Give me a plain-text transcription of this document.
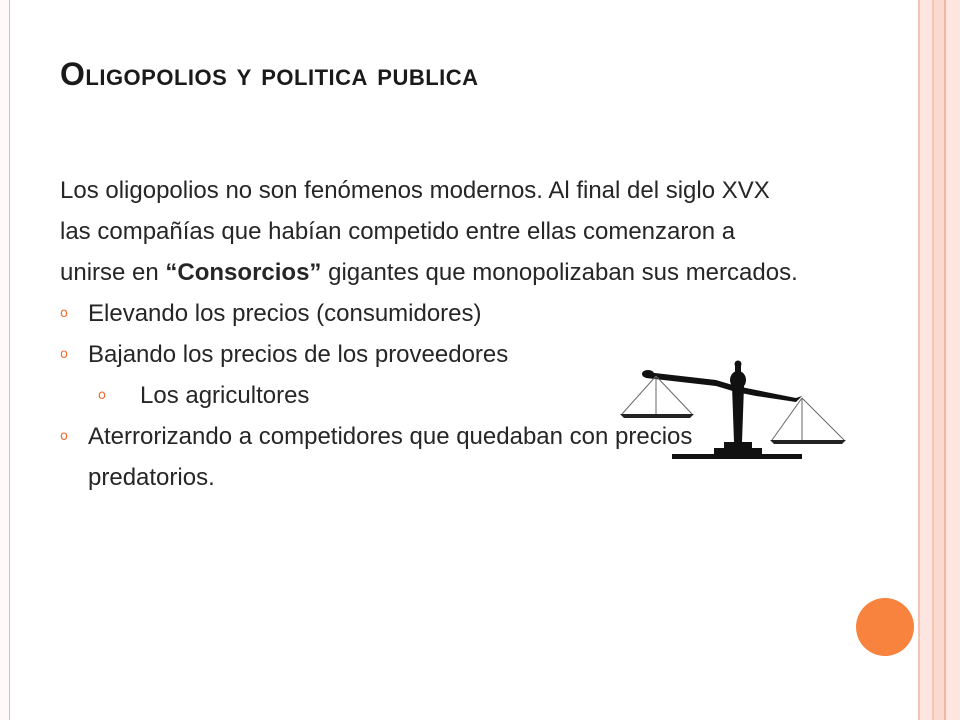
Oligopolios y politica publica

Los oligopolios no son fenómenos modernos. Al final del siglo XVX las compañías que habían competido entre ellas comenzaron a unirse en “Consorcios” gigantes que monopolizaban sus mercados.

o Elevando los precios (consumidores)
o Bajando los precios de los proveedores
o Los agricultores
o Aterrorizando a competidores que quedaban con precios predatorios.
